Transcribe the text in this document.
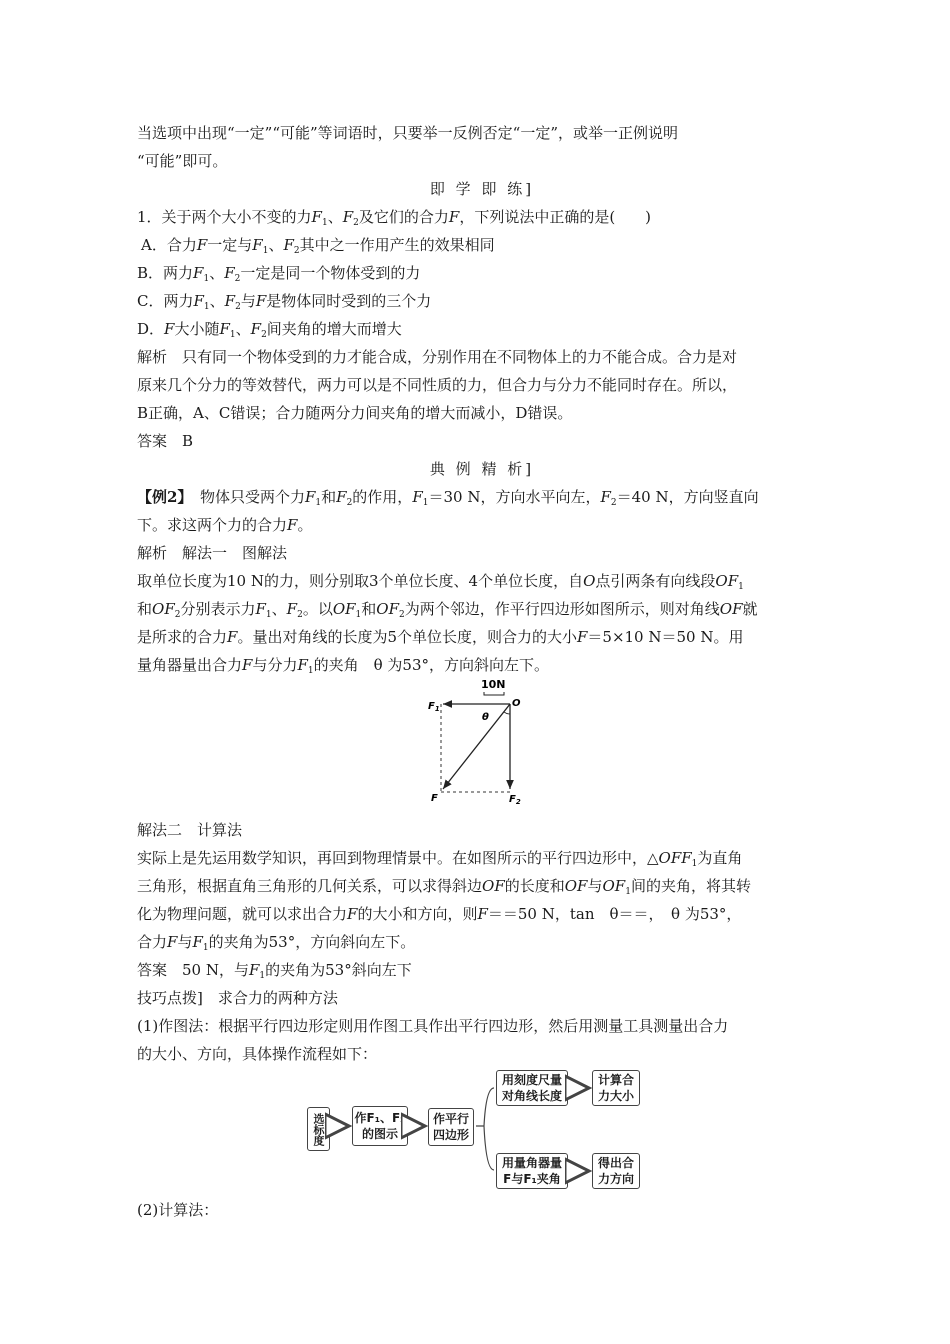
当选项中出现“一定”“可能”等词语时，只要举一反例否定“一定”，或举一正例说明
“可能”即可。
即 学 即 练]
1．关于两个大小不变的力$F_1$、$F_2$及它们的合力F，下列说法中正确的是(　　)
A．合力F一定与$F_1$、$F_2$其中之一作用产生的效果相同
B．两力$F_1$、$F_2$一定是同一个物体受到的力
C．两力$F_1$、$F_2$与F是物体同时受到的三个力
D．F大小随$F_1$、$F_2$间夹角的增大而增大
解析　只有同一个物体受到的力才能合成，分别作用在不同物体上的力不能合成。合力是对
原来几个分力的等效替代，两力可以是不同性质的力，但合力与分力不能同时存在。所以，
B正确，A、C错误；合力随两分力间夹角的增大而减小，D错误。
答案　B
典 例 精 析]
【例2】　 物体只受两个力$F_1$和$F_2$的作用，$F_1=30$ N，方向水平向左，$F_2=40$ N，方向竖直向
下。求这两个力的合力F。
解析　解法一　图解法
取单位长度为10 N的力，则分别取3个单位长度、4个单位长度，自O点引两条有向线段$OF_1$
和$OF_2$分别表示力$F_1$、$F_2$。以$OF_1$和$OF_2$为两个邻边，作平行四边形如图所示，则对角线OF就
是所求的合力F。量出对角线的长度为5个单位长度，则合力的大小F＝5×10 N＝50 N。用
量角器量出合力F与分力$F_1$的夹角　θ 为53°，方向斜向左下。
解法二　计算法
实际上是先运用数学知识，再回到物理情景中。在如图所示的平行四边形中，$\triangle OFF_1$为直角
三角形，根据直角三角形的几何关系，可以求得斜边OF的长度和OF与$OF_1$间的夹角，将其转
化为物理问题，就可以求出合力F的大小和方向，则F＝＝50 N，tan　θ＝＝，　θ 为53°，
合力F与$F_1$的夹角为53°，方向斜向左下。
答案　50 N，与$F_1$的夹角为53°斜向左下
技巧点拨]　求合力的两种方法
(1)作图法：根据平行四边形定则用作图工具作出平行四边形，然后用测量工具测量出合力
的大小、方向，具体操作流程如下：
(2)计算法：
10N
$F_1$	O
θ
F	$F_2$
选标度	作F₁、F₂
的图示
作平行
四边形
用刻度尺量
对角线长度
计算合
力大小
用量角器量
F与F₁夹角
得出合
力方向
